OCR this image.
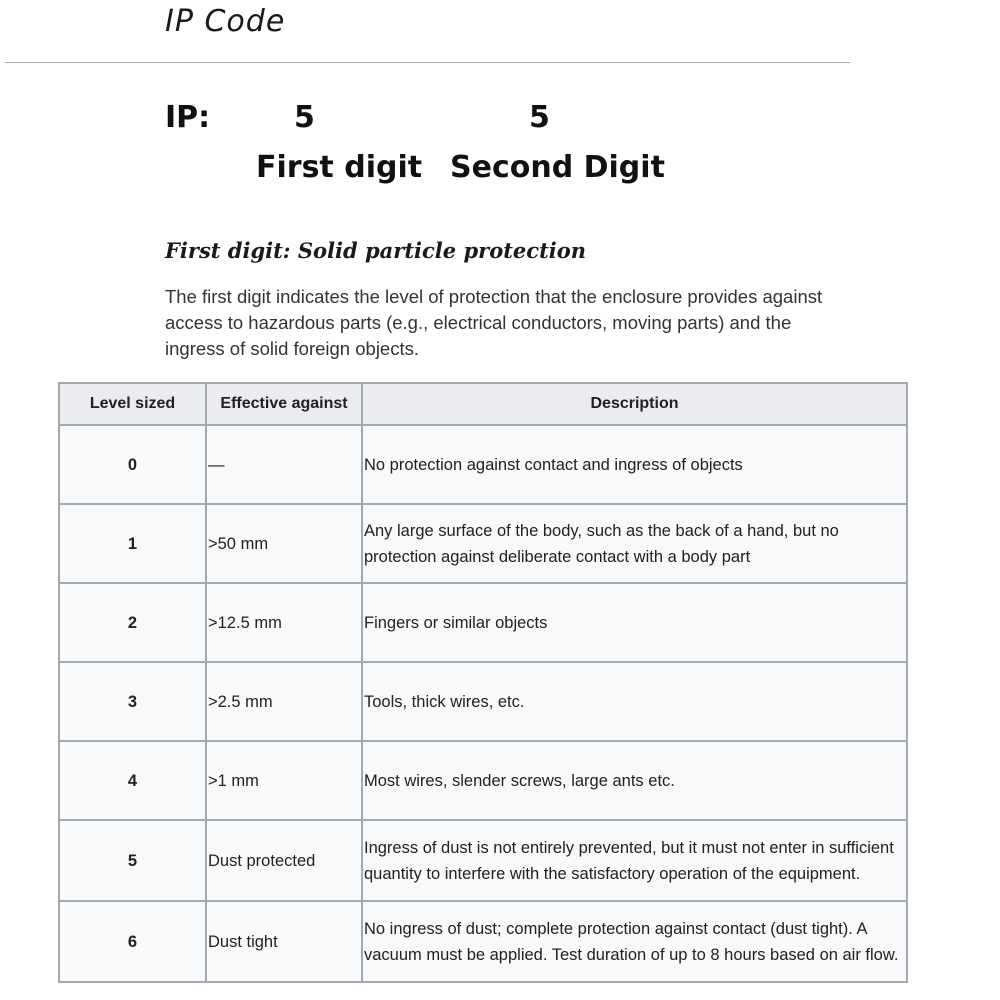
IP Code
IP:	5	5
First digit Second Digit
First digit: Solid particle protection
The first digit indicates the level of protection that the enclosure provides against access to hazardous parts (e.g., electrical conductors, moving parts) and the ingress of solid foreign objects.
Level sized	Effective against	Description
0	—	No protection against contact and ingress of objects
1	>50 mm	Any large surface of the body, such as the back of a hand, but no protection against deliberate contact with a body part
2	>12.5 mm	Fingers or similar objects
3	>2.5 mm	Tools, thick wires, etc.
4	>1 mm	Most wires, slender screws, large ants etc.
5	Dust protected	Ingress of dust is not entirely prevented, but it must not enter in sufficient quantity to interfere with the satisfactory operation of the equipment.
6	Dust tight	No ingress of dust; complete protection against contact (dust tight). A vacuum must be applied. Test duration of up to 8 hours based on air flow.
